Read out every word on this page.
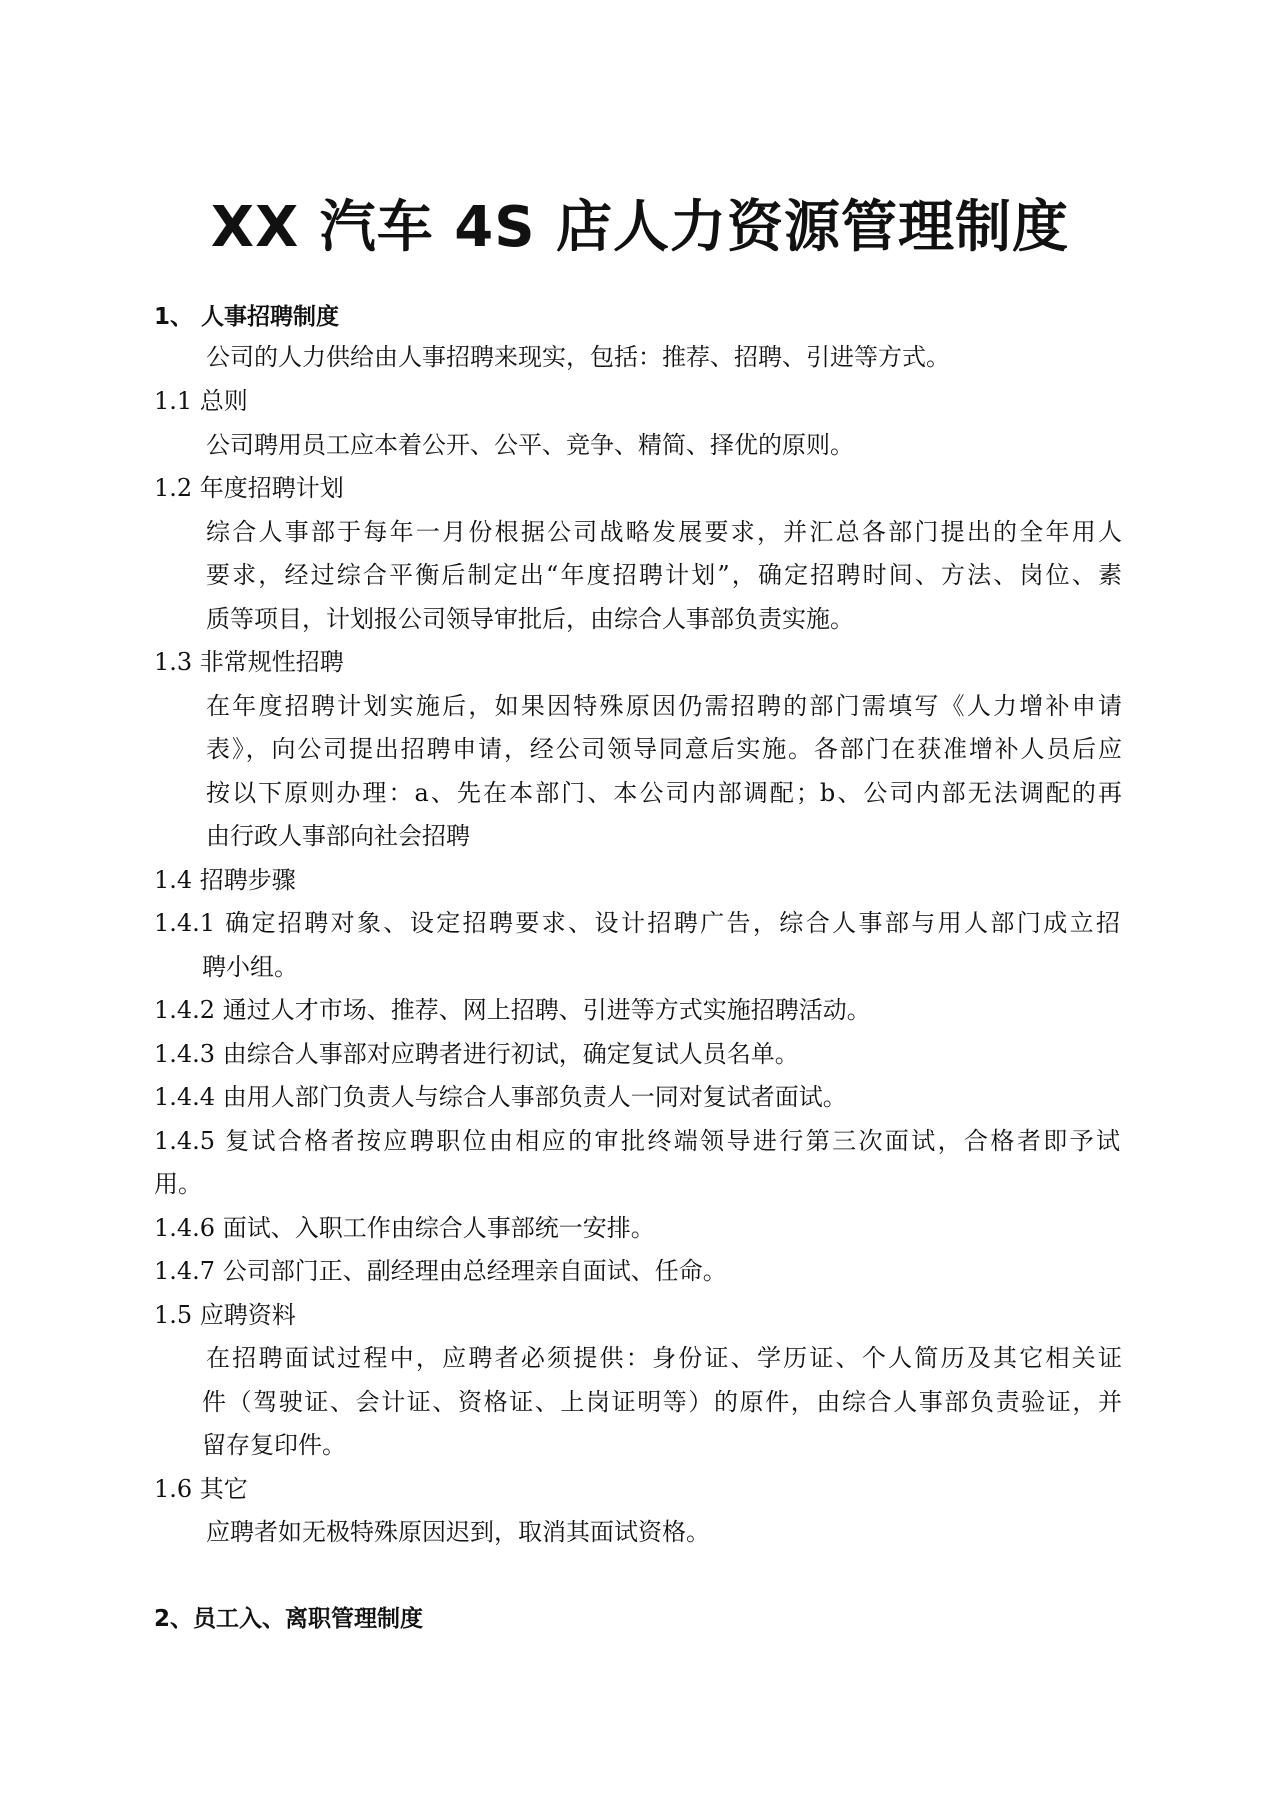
XX 汽车 4S 店人力资源管理制度
1、 人事招聘制度
公司的人力供给由人事招聘来现实，包括：推荐、招聘、引进等方式。
1.1 总则
公司聘用员工应本着公开、公平、竞争、精简、择优的原则。
1.2 年度招聘计划
综合人事部于每年一月份根据公司战略发展要求，并汇总各部门提出的全年用人
要求，经过综合平衡后制定出“年度招聘计划”，确定招聘时间、方法、岗位、素
质等项目，计划报公司领导审批后，由综合人事部负责实施。
1.3 非常规性招聘
在年度招聘计划实施后，如果因特殊原因仍需招聘的部门需填写《人力增补申请
表》，向公司提出招聘申请，经公司领导同意后实施。各部门在获准增补人员后应
按以下原则办理：a、先在本部门、本公司内部调配；b、公司内部无法调配的再
由行政人事部向社会招聘
1.4 招聘步骤
1.4.1 确定招聘对象、设定招聘要求、设计招聘广告，综合人事部与用人部门成立招
聘小组。
1.4.2 通过人才市场、推荐、网上招聘、引进等方式实施招聘活动。
1.4.3 由综合人事部对应聘者进行初试，确定复试人员名单。
1.4.4 由用人部门负责人与综合人事部负责人一同对复试者面试。
1.4.5 复试合格者按应聘职位由相应的审批终端领导进行第三次面试，合格者即予试
用。
1.4.6 面试、入职工作由综合人事部统一安排。
1.4.7 公司部门正、副经理由总经理亲自面试、任命。
1.5 应聘资料
在招聘面试过程中，应聘者必须提供：身份证、学历证、个人简历及其它相关证
件（驾驶证、会计证、资格证、上岗证明等）的原件，由综合人事部负责验证，并
留存复印件。
1.6 其它
应聘者如无极特殊原因迟到，取消其面试资格。
2、员工入、离职管理制度
